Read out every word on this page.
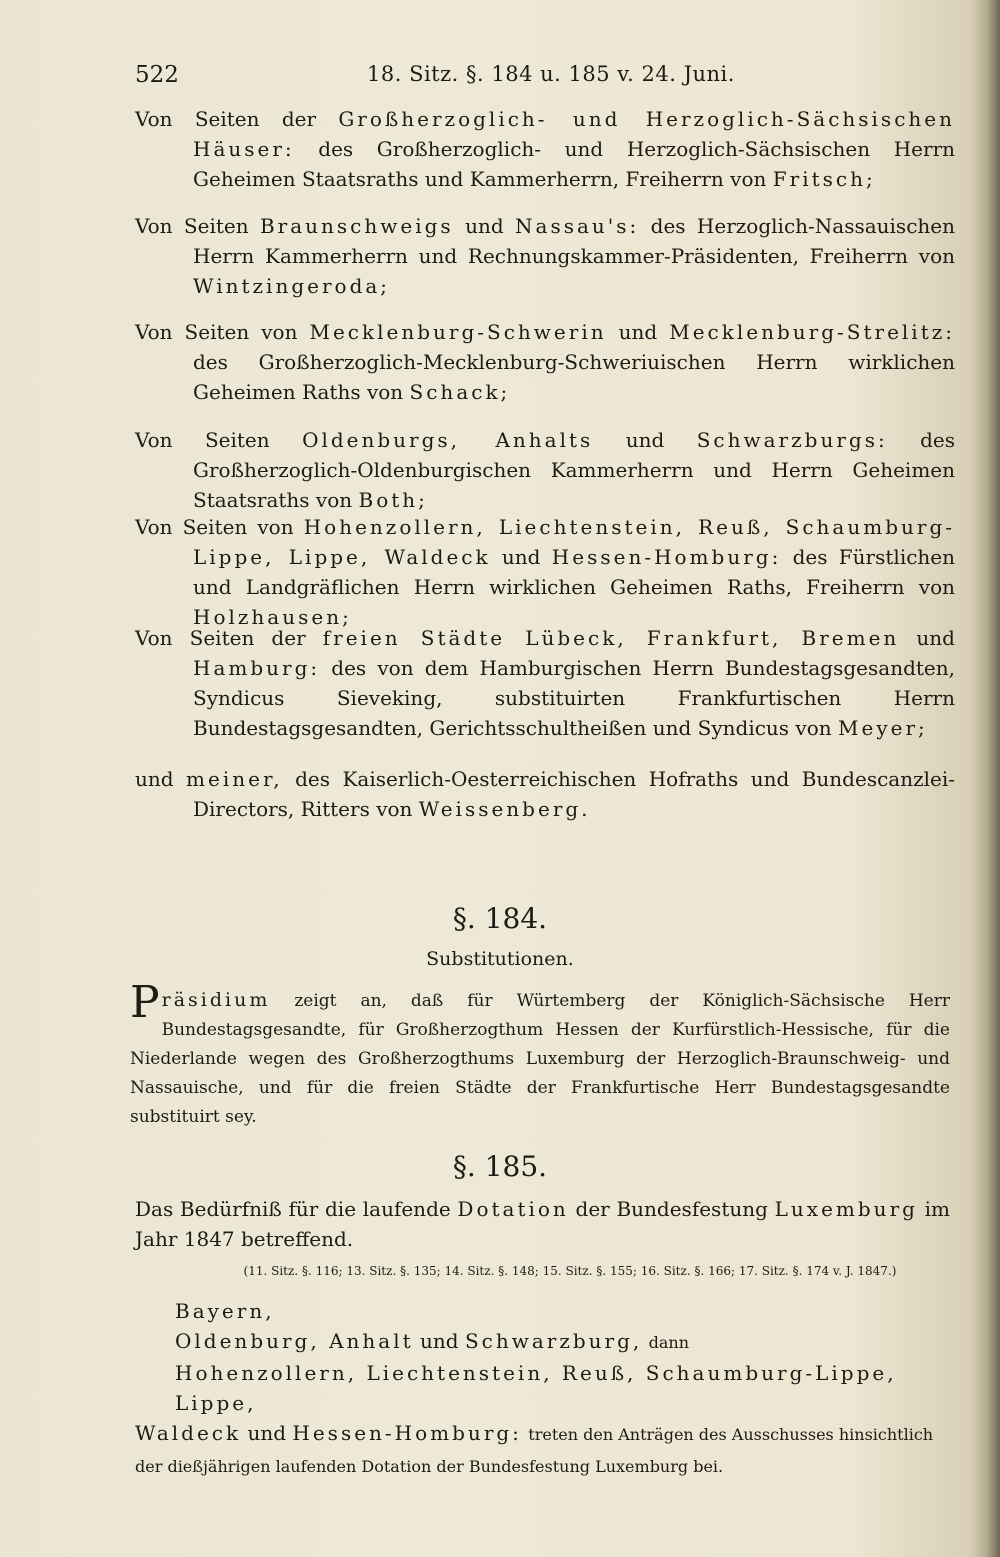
522	18. Sitz. §. 184 u. 185 v. 24. Juni.
Von Seiten der Großherzoglich- und Herzoglich-Sächsischen Häuser: des Großherzoglich- und Herzoglich-Sächsischen Herrn Geheimen Staatsraths und Kammerherrn, Freiherrn von Fritsch;
Von Seiten Braunschweigs und Nassau's: des Herzoglich-Nassauischen Herrn Kammerherrn und Rechnungskammer-Präsidenten, Freiherrn von Wintzingeroda;
Von Seiten von Mecklenburg-Schwerin und Mecklenburg-Strelitz: des Großherzoglich-Mecklenburg-Schweriuischen Herrn wirklichen Geheimen Raths von Schack;
Von Seiten Oldenburgs, Anhalts und Schwarzburgs: des Großherzoglich-Oldenburgischen Kammerherrn und Herrn Geheimen Staatsraths von Both;
Von Seiten von Hohenzollern, Liechtenstein, Reuß, Schaumburg-Lippe, Lippe, Waldeck und Hessen-Homburg: des Fürstlichen und Landgräflichen Herrn wirklichen Geheimen Raths, Freiherrn von Holzhausen;
Von Seiten der freien Städte Lübeck, Frankfurt, Bremen und Hamburg: des von dem Hamburgischen Herrn Bundestagsgesandten, Syndicus Sieveking, substituirten Frankfurtischen Herrn Bundestagsgesandten, Gerichtsschultheißen und Syndicus von Meyer;
und meiner, des Kaiserlich-Oesterreichischen Hofraths und Bundescanzlei-Directors, Ritters von Weissenberg.
§. 184.
Substitutionen.
P räsidium zeigt an, daß für Würtemberg der Königlich-Sächsische Herr Bundestagsgesandte, für Großherzogthum Hessen der Kurfürstlich-Hessische, für die Niederlande wegen des Großherzogthums Luxemburg der Herzoglich-Braunschweig- und Nassauische, und für die freien Städte der Frankfurtische Herr Bundestagsgesandte substituirt sey.
§. 185.
Das Bedürfniß für die laufende Dotation der Bundesfestung Luxemburg im Jahr 1847 betreffend.
(11. Sitz. §. 116; 13. Sitz. §. 135; 14. Sitz. §. 148; 15. Sitz. §. 155; 16. Sitz. §. 166; 17. Sitz. §. 174 v. J. 1847.)
Bayern,
Oldenburg, Anhalt und Schwarzburg, dann
Hohenzollern, Liechtenstein, Reuß, Schaumburg-Lippe, Lippe,
Waldeck und Hessen-Homburg: treten den Anträgen des Ausschusses hinsichtlich der dießjährigen laufenden Dotation der Bundesfestung Luxemburg bei.
